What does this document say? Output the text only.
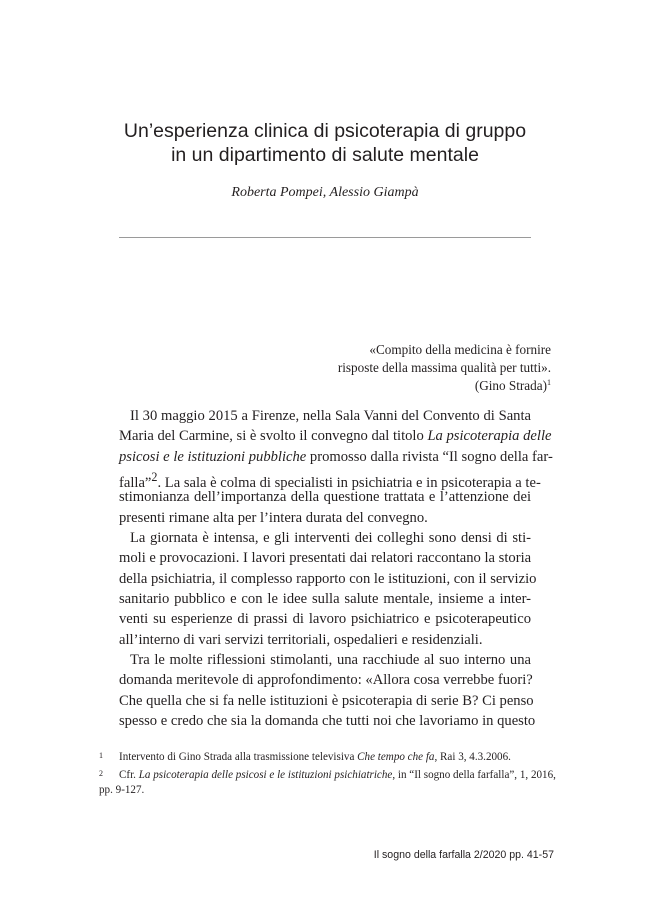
Un’esperienza clinica di psicoterapia di gruppo
in un dipartimento di salute mentale
Roberta Pompei, Alessio Giampà
«Compito della medicina è fornire
risposte della massima qualità per tutti».
(Gino Strada)$^1$
Il 30 maggio 2015 a Firenze, nella Sala Vanni del Convento di Santa
Maria del Carmine, si è svolto il convegno dal titolo La psicoterapia delle
psicosi e le istituzioni pubbliche promosso dalla rivista “Il sogno della far-
falla”$^2$. La sala è colma di specialisti in psichiatria e in psicoterapia a te-
stimonianza dell’importanza della questione trattata e l’attenzione dei
presenti rimane alta per l’intera durata del convegno.
La giornata è intensa, e gli interventi dei colleghi sono densi di sti-
moli e provocazioni. I lavori presentati dai relatori raccontano la storia
della psichiatria, il complesso rapporto con le istituzioni, con il servizio
sanitario pubblico e con le idee sulla salute mentale, insieme a inter-
venti su esperienze di prassi di lavoro psichiatrico e psicoterapeutico
all’interno di vari servizi territoriali, ospedalieri e residenziali.
Tra le molte riflessioni stimolanti, una racchiude al suo interno una
domanda meritevole di approfondimento: «Allora cosa verrebbe fuori?
Che quella che si fa nelle istituzioni è psicoterapia di serie B? Ci penso
spesso e credo che sia la domanda che tutti noi che lavoriamo in questo
1 Intervento di Gino Strada alla trasmissione televisiva Che tempo che fa, Rai 3, 4.3.2006.
2 Cfr. La psicoterapia delle psicosi e le istituzioni psichiatriche, in “Il sogno della farfalla”, 1, 2016,
pp. 9-127.
Il sogno della farfalla 2/2020 pp. 41-57
